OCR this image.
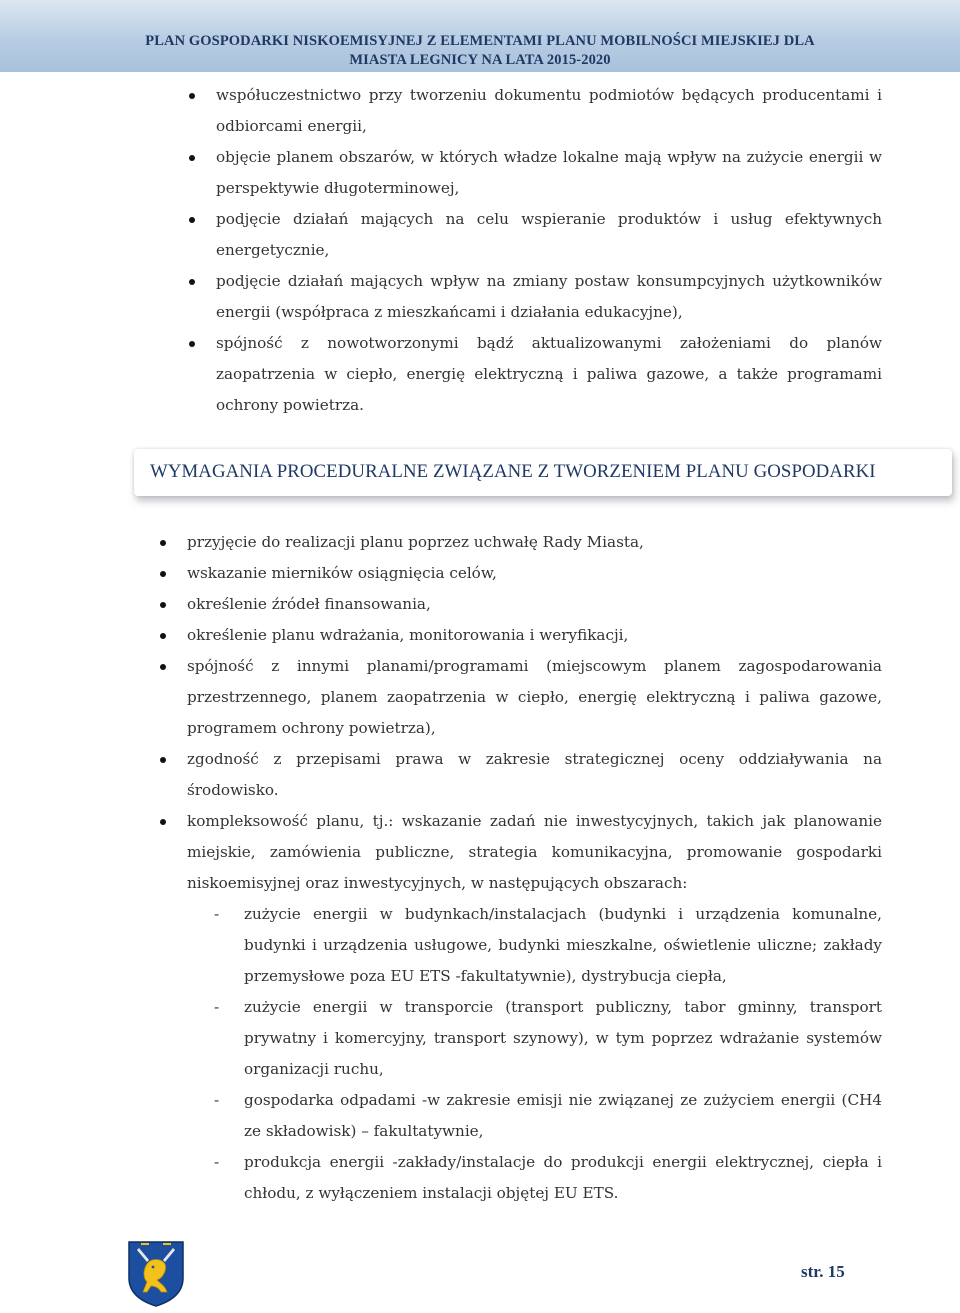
PLAN GOSPODARKI NISKOEMISYJNEJ Z ELEMENTAMI PLANU MOBILNOŚCI MIEJSKIEJ DLA
MIASTA LEGNICY NA LATA 2015-2020
współuczestnictwo przy tworzeniu dokumentu podmiotów będących producentami i odbiorcami energii,
objęcie planem obszarów, w których władze lokalne mają wpływ na zużycie energii w perspektywie długoterminowej,
podjęcie działań mających na celu wspieranie produktów i usług efektywnych energetycznie,
podjęcie działań mających wpływ na zmiany postaw konsumpcyjnych użytkowników energii (współpraca z mieszkańcami i działania edukacyjne),
spójność z nowotworzonymi bądź aktualizowanymi założeniami do planów zaopatrzenia w ciepło, energię elektryczną i paliwa gazowe, a także programami ochrony powietrza.
WYMAGANIA PROCEDURALNE ZWIĄZANE Z TWORZENIEM PLANU GOSPODARKI
przyjęcie do realizacji planu poprzez uchwałę Rady Miasta,
wskazanie mierników osiągnięcia celów,
określenie źródeł finansowania,
określenie planu wdrażania, monitorowania i weryfikacji,
spójność z innymi planami/programami (miejscowym planem zagospodarowania przestrzennego, planem zaopatrzenia w ciepło, energię elektryczną i paliwa gazowe, programem ochrony powietrza),
zgodność z przepisami prawa w zakresie strategicznej oceny oddziaływania na środowisko.
kompleksowość planu, tj.: wskazanie zadań nie inwestycyjnych, takich jak planowanie miejskie, zamówienia publiczne, strategia komunikacyjna, promowanie gospodarki niskoemisyjnej oraz inwestycyjnych, w następujących obszarach:
- zużycie energii w budynkach/instalacjach (budynki i urządzenia komunalne, budynki i urządzenia usługowe, budynki mieszkalne, oświetlenie uliczne; zakłady przemysłowe poza EU ETS -fakultatywnie), dystrybucja ciepła,
- zużycie energii w transporcie (transport publiczny, tabor gminny, transport prywatny i komercyjny, transport szynowy), w tym poprzez wdrażanie systemów organizacji ruchu,
- gospodarka odpadami -w zakresie emisji nie związanej ze zużyciem energii (CH4 ze składowisk) – fakultatywnie,
- produkcja energii -zakłady/instalacje do produkcji energii elektrycznej, ciepła i chłodu, z wyłączeniem instalacji objętej EU ETS.
str. 15
